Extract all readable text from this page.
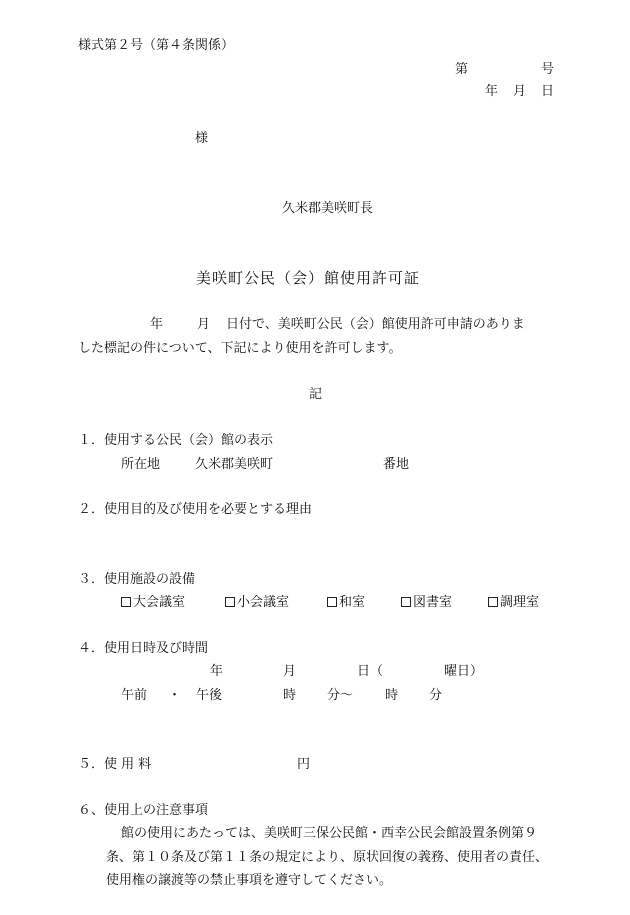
様式第２号（第４条関係）
第	号
年 月 日
様
久米郡美咲町長
美咲町公民（会）館使用許可証
年	月 日付で、美咲町公民（会）館使用許可申請のありま
した標記の件について、下記により使用を許可します。
記
１．使用する公民（会）館の表示
所在地	久米郡美咲町	番地
２．使用目的及び使用を必要とする理由
３．使用施設の設備
大会議室	小会議室	和室	図書室	調理室
４．使用日時及び時間
年	月	日（	曜日）
午前 ・ 午後	時 分～ 時 分
５．使 用 料	円
６、使用上の注意事項
館の使用にあたっては、美咲町三保公民館・西幸公民会館設置条例第９
条、第１０条及び第１１条の規定により、原状回復の義務、使用者の責任、
使用権の譲渡等の禁止事項を遵守してください。
